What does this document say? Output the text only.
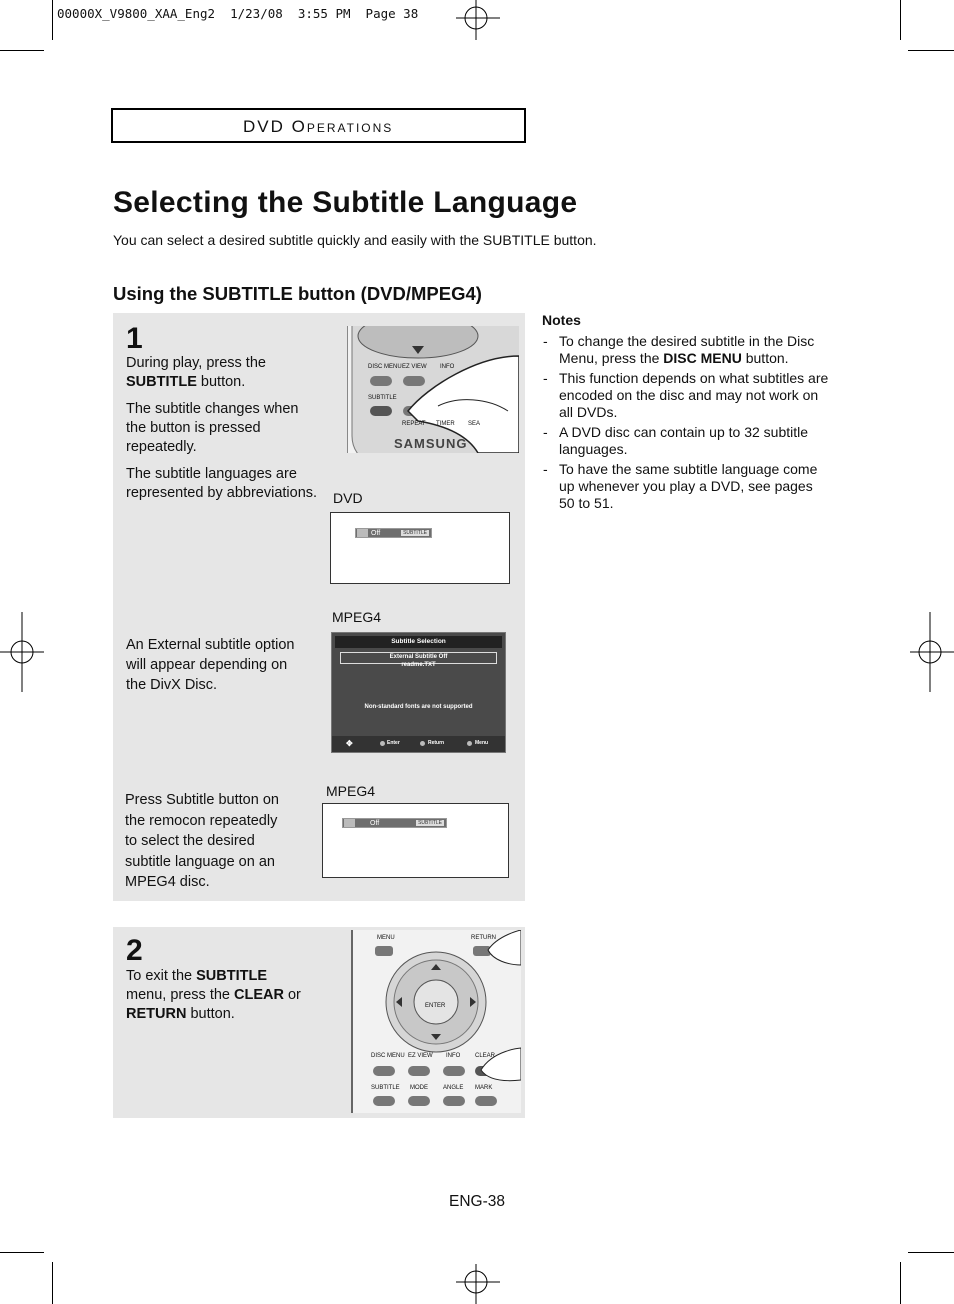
00000X_V9800_XAA_Eng2  1/23/08  3:55 PM  Page 38
DVD Operations
Selecting the Subtitle Language
You can select a desired subtitle quickly and easily with the SUBTITLE button.
Using the SUBTITLE button (DVD/MPEG4)
1
During play, press the
SUBTITLE button.
The subtitle changes when the button is pressed repeatedly.
The subtitle languages are represented by abbreviations.
DISC MENU EZ VIEW INFO
SUBTITLE
REPEAT TIMER SEA
SAMSUNG
DVD
Off	SUBTITLE
An External subtitle option will appear depending on the DivX Disc.
MPEG4
Subtitle Selection
External Subtitle Off
readme.TXT
Non-standard fonts are not supported
✥	Enter	Return	Menu
Press Subtitle button on the remocon repeatedly to select the desired subtitle language on an MPEG4 disc.
MPEG4
Off	SUBTITLE
2
To exit the SUBTITLE
menu, press the CLEAR or
RETURN button.
MENU	RETURN
ENTER
DISC MENU EZ VIEW INFO CLEAR
SUBTITLE MODE	ANGLE MARK
Notes
- To change the desired subtitle in the Disc Menu, press the DISC MENU button.
- This function depends on what subtitles are encoded on the disc and may not work on all DVDs.
- A DVD disc can contain up to 32 subtitle languages.
- To have the same subtitle language come up whenever you play a DVD, see pages 50 to 51.
ENG-38
